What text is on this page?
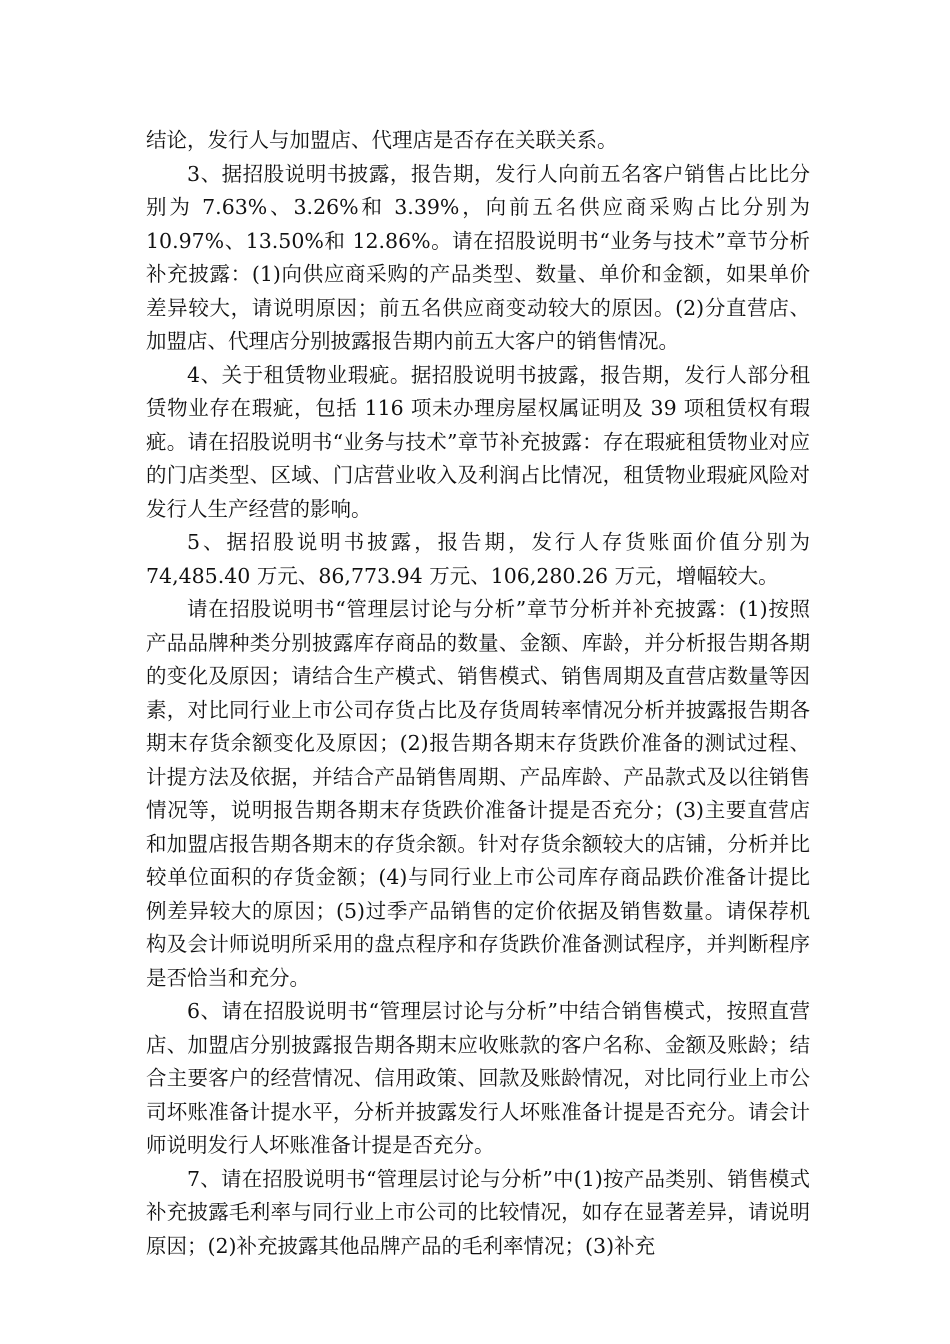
结论，发行人与加盟店、代理店是否存在关联关系。

3、据招股说明书披露，报告期，发行人向前五名客户销售占比比分别为 7.63%、3.26%和 3.39%，向前五名供应商采购占比分别为 10.97%、13.50%和 12.86%。请在招股说明书“业务与技术”章节分析补充披露：(1)向供应商采购的产品类型、数量、单价和金额，如果单价差异较大，请说明原因；前五名供应商变动较大的原因。(2)分直营店、加盟店、代理店分别披露报告期内前五大客户的销售情况。

4、关于租赁物业瑕疵。据招股说明书披露，报告期，发行人部分租赁物业存在瑕疵，包括 116 项未办理房屋权属证明及 39 项租赁权有瑕疵。请在招股说明书“业务与技术”章节补充披露：存在瑕疵租赁物业对应的门店类型、区域、门店营业收入及利润占比情况，租赁物业瑕疵风险对发行人生产经营的影响。

5、据招股说明书披露，报告期，发行人存货账面价值分别为 74,485.40 万元、86,773.94 万元、106,280.26 万元，增幅较大。

请在招股说明书“管理层讨论与分析”章节分析并补充披露：(1)按照产品品牌种类分别披露库存商品的数量、金额、库龄，并分析报告期各期的变化及原因；请结合生产模式、销售模式、销售周期及直营店数量等因素，对比同行业上市公司存货占比及存货周转率情况分析并披露报告期各期末存货余额变化及原因；(2)报告期各期末存货跌价准备的测试过程、计提方法及依据，并结合产品销售周期、产品库龄、产品款式及以往销售情况等，说明报告期各期末存货跌价准备计提是否充分；(3)主要直营店和加盟店报告期各期末的存货余额。针对存货余额较大的店铺，分析并比较单位面积的存货金额；(4)与同行业上市公司库存商品跌价准备计提比例差异较大的原因；(5)过季产品销售的定价依据及销售数量。请保荐机构及会计师说明所采用的盘点程序和存货跌价准备测试程序，并判断程序是否恰当和充分。

6、请在招股说明书“管理层讨论与分析”中结合销售模式，按照直营店、加盟店分别披露报告期各期末应收账款的客户名称、金额及账龄；结合主要客户的经营情况、信用政策、回款及账龄情况，对比同行业上市公司坏账准备计提水平，分析并披露发行人坏账准备计提是否充分。请会计师说明发行人坏账准备计提是否充分。

7、请在招股说明书“管理层讨论与分析”中(1)按产品类别、销售模式补充披露毛利率与同行业上市公司的比较情况，如存在显著差异，请说明原因；(2)补充披露其他品牌产品的毛利率情况；(3)补充
